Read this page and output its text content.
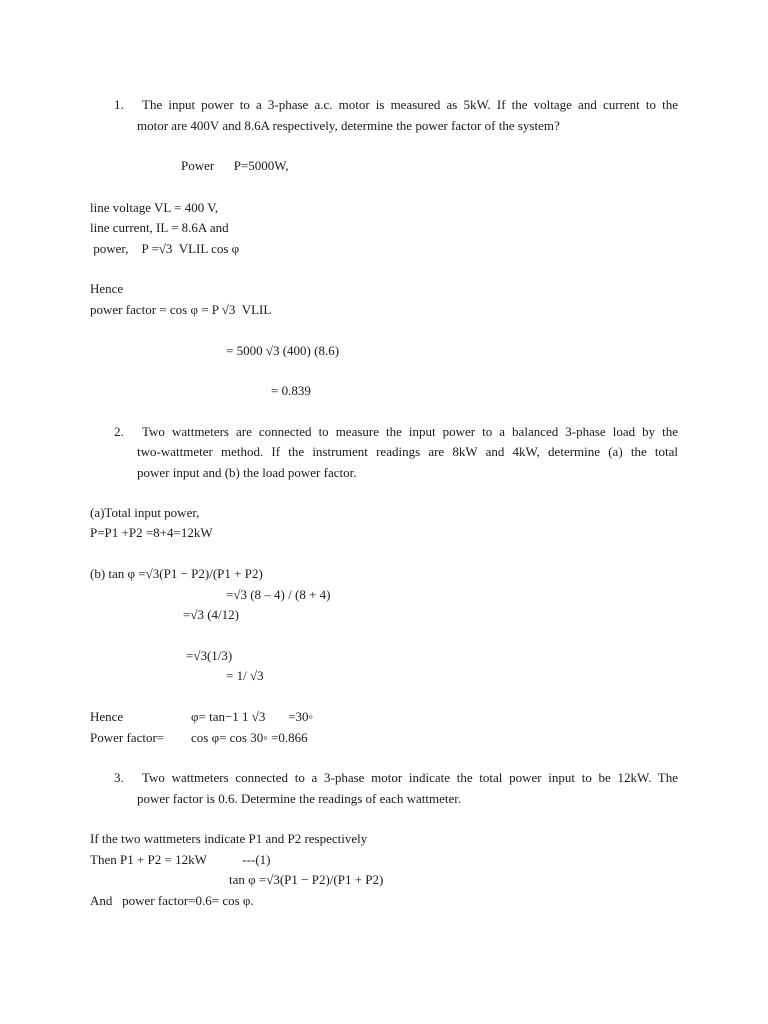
1. The input power to a 3-phase a.c. motor is measured as 5kW. If the voltage and current to the
motor are 400V and 8.6A respectively, determine the power factor of the system?
Power      P=5000W,
line voltage VL = 400 V,
line current, IL = 8.6A and
power,    P =√3  VLIL cos φ
Hence
power factor = cos φ = P √3  VLIL
= 5000 √3 (400) (8.6)
= 0.839
2. Two wattmeters are connected to measure the input power to a balanced 3-phase load by the
two-wattmeter method. If the instrument readings are 8kW and 4kW, determine (a) the total
power input and (b) the load power factor.
(a)Total input power,
P=P1 +P2 =8+4=12kW
(b) tan φ =√3(P1 − P2)/(P1 + P2)
=√3 (8 – 4) / (8 + 4)
=√3 (4/12)
=√3(1/3)
= 1/ √3
Hence	φ= tan−1 1 √3       =30◦
Power factor= cos φ= cos 30◦ =0.866
3. Two wattmeters connected to a 3-phase motor indicate the total power input to be 12kW. The
power factor is 0.6. Determine the readings of each wattmeter.
If the two wattmeters indicate P1 and P2 respectively
Then P1 + P2 = 12kW           ---(1)
tan φ =√3(P1 − P2)/(P1 + P2)
And   power factor=0.6= cos φ.
